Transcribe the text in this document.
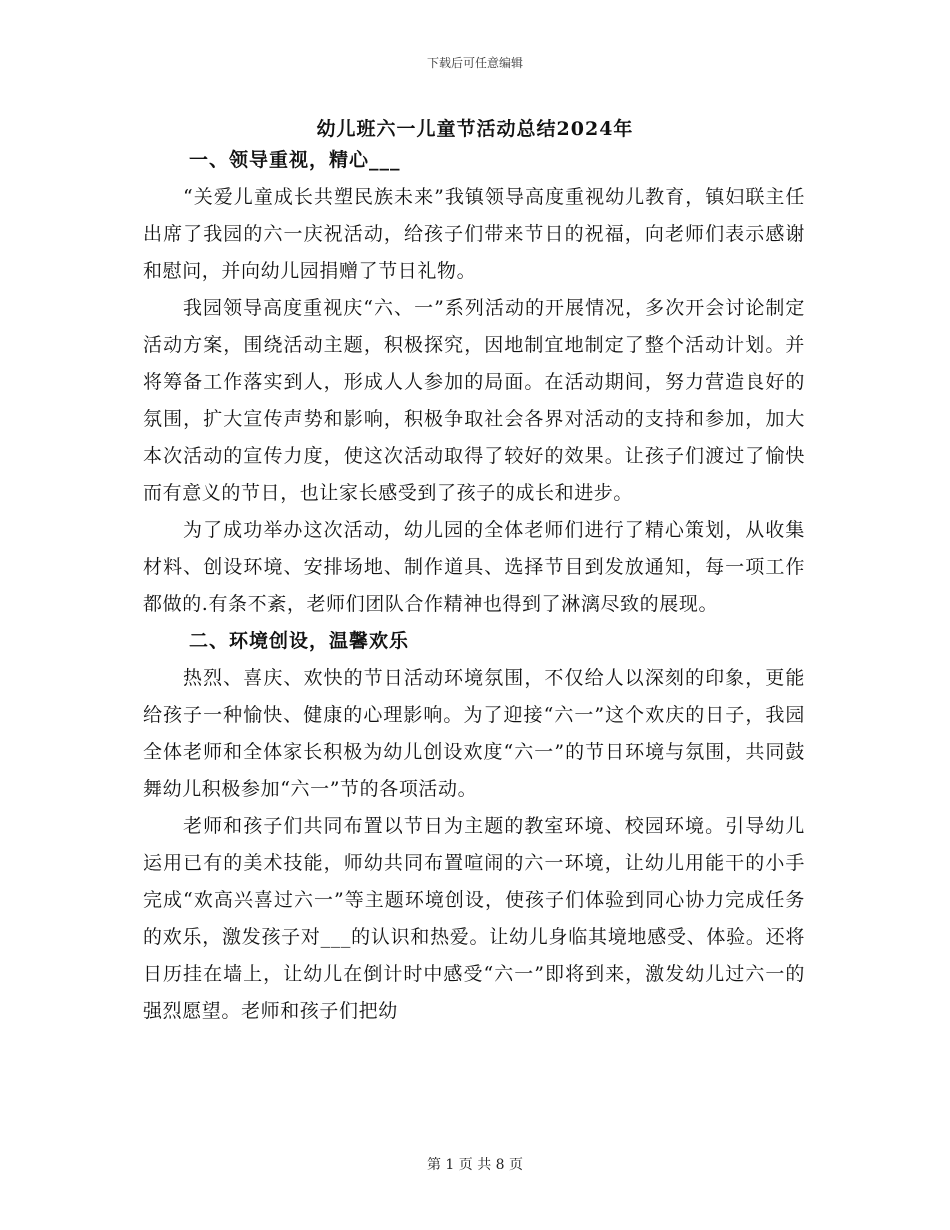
下载后可任意编辑
幼儿班六一儿童节活动总结2024年

一、领导重视，精心___

“关爱儿童成长共塑民族未来”我镇领导高度重视幼儿教育，镇妇联主任出席了我园的六一庆祝活动，给孩子们带来节日的祝福，向老师们表示感谢和慰问，并向幼儿园捐赠了节日礼物。

我园领导高度重视庆“六、一”系列活动的开展情况，多次开会讨论制定活动方案，围绕活动主题，积极探究，因地制宜地制定了整个活动计划。并将筹备工作落实到人，形成人人参加的局面。在活动期间，努力营造良好的氛围，扩大宣传声势和影响，积极争取社会各界对活动的支持和参加，加大本次活动的宣传力度，使这次活动取得了较好的效果。让孩子们渡过了愉快而有意义的节日，也让家长感受到了孩子的成长和进步。

为了成功举办这次活动，幼儿园的全体老师们进行了精心策划，从收集材料、创设环境、安排场地、制作道具、选择节目到发放通知，每一项工作都做的.有条不紊，老师们团队合作精神也得到了淋漓尽致的展现。

二、环境创设，温馨欢乐

热烈、喜庆、欢快的节日活动环境氛围，不仅给人以深刻的印象，更能给孩子一种愉快、健康的心理影响。为了迎接“六一”这个欢庆的日子，我园全体老师和全体家长积极为幼儿创设欢度“六一”的节日环境与氛围，共同鼓舞幼儿积极参加“六一”节的各项活动。

老师和孩子们共同布置以节日为主题的教室环境、校园环境。引导幼儿运用已有的美术技能，师幼共同布置喧闹的六一环境，让幼儿用能干的小手完成“欢高兴喜过六一”等主题环境创设，使孩子们体验到同心协力完成任务的欢乐，激发孩子对___的认识和热爱。让幼儿身临其境地感受、体验。还将日历挂在墙上，让幼儿在倒计时中感受“六一”即将到来，激发幼儿过六一的强烈愿望。老师和孩子们把幼

第 1 页 共 8 页
